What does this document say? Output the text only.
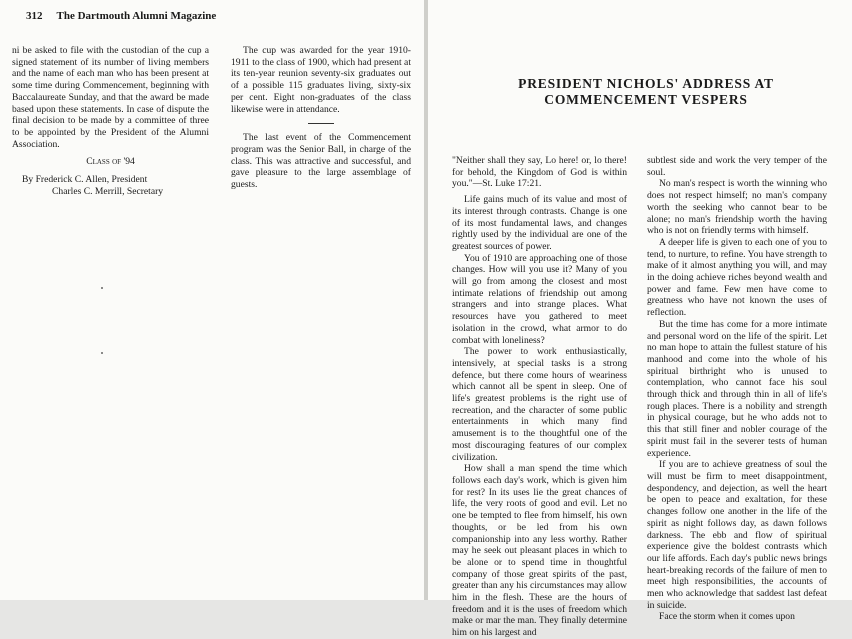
312 The Dartmouth Alumni Magazine

ni be asked to file with the custodian of the cup a signed statement of its number of living members and the name of each man who has been present at some time during Commencement, beginning with Baccalaureate Sunday, and that the award be made based upon these statements. In case of dispute the final decision to be made by a committee of three to be appointed by the President of the Alumni Association.

Class of '94

By Frederick C. Allen, President

Charles C. Merrill, Secretary

The cup was awarded for the year 1910-1911 to the class of 1900, which had present at its ten-year reunion seventy-six graduates out of a possible 115 graduates living, sixty-six per cent. Eight non-graduates of the class likewise were in attendance.

The last event of the Commencement program was the Senior Ball, in charge of the class. This was attractive and successful, and gave pleasure to the large assemblage of guests.

PRESIDENT NICHOLS' ADDRESS AT COMMENCEMENT VESPERS

"Neither shall they say, Lo here! or, lo there! for behold, the Kingdom of God is within you."—St. Luke 17:21.

Life gains much of its value and most of its interest through contrasts. Change is one of its most fundamental laws, and changes rightly used by the individual are one of the greatest sources of power.

You of 1910 are approaching one of those changes. How will you use it? Many of you will go from among the closest and most intimate relations of friendship out among strangers and into strange places. What resources have you gathered to meet isolation in the crowd, what armor to do combat with loneliness?

The power to work enthusiastically, intensively, at special tasks is a strong defence, but there come hours of weariness which cannot all be spent in sleep. One of life's greatest problems is the right use of recreation, and the character of some public entertainments in which many find amusement is to the thoughtful one of the most discouraging features of our complex civilization.

How shall a man spend the time which follows each day's work, which is given him for rest? In its uses lie the great chances of life, the very roots of good and evil. Let no one be tempted to flee from himself, his own thoughts, or be led from his own companionship into any less worthy. Rather may he seek out pleasant places in which to be alone or to spend time in thoughtful company of those great spirits of the past, greater than any his circumstances may allow him in the flesh. These are the hours of freedom and it is the uses of freedom which make or mar the man. They finally determine him on his largest and

subtlest side and work the very temper of the soul.

No man's respect is worth the winning who does not respect himself; no man's company worth the seeking who cannot bear to be alone; no man's friendship worth the having who is not on friendly terms with himself.

A deeper life is given to each one of you to tend, to nurture, to refine. You have strength to make of it almost anything you will, and may in the doing achieve riches beyond wealth and power and fame. Few men have come to greatness who have not known the uses of reflection.

But the time has come for a more intimate and personal word on the life of the spirit. Let no man hope to attain the fullest stature of his manhood and come into the whole of his spiritual birthright who is unused to contemplation, who cannot face his soul through thick and through thin in all of life's rough places. There is a nobility and strength in physical courage, but he who adds not to this that still finer and nobler courage of the spirit must fail in the severer tests of human experience.

If you are to achieve greatness of soul the will must be firm to meet disappointment, despondency, and dejection, as well the heart be open to peace and exaltation, for these changes follow one another in the life of the spirit as night follows day, as dawn follows darkness. The ebb and flow of spiritual experience give the boldest contrasts which our life affords. Each day's public news brings heart-breaking records of the failure of men to meet high responsibilities, the accounts of men who acknowledge that saddest last defeat in suicide.

Face the storm when it comes upon
